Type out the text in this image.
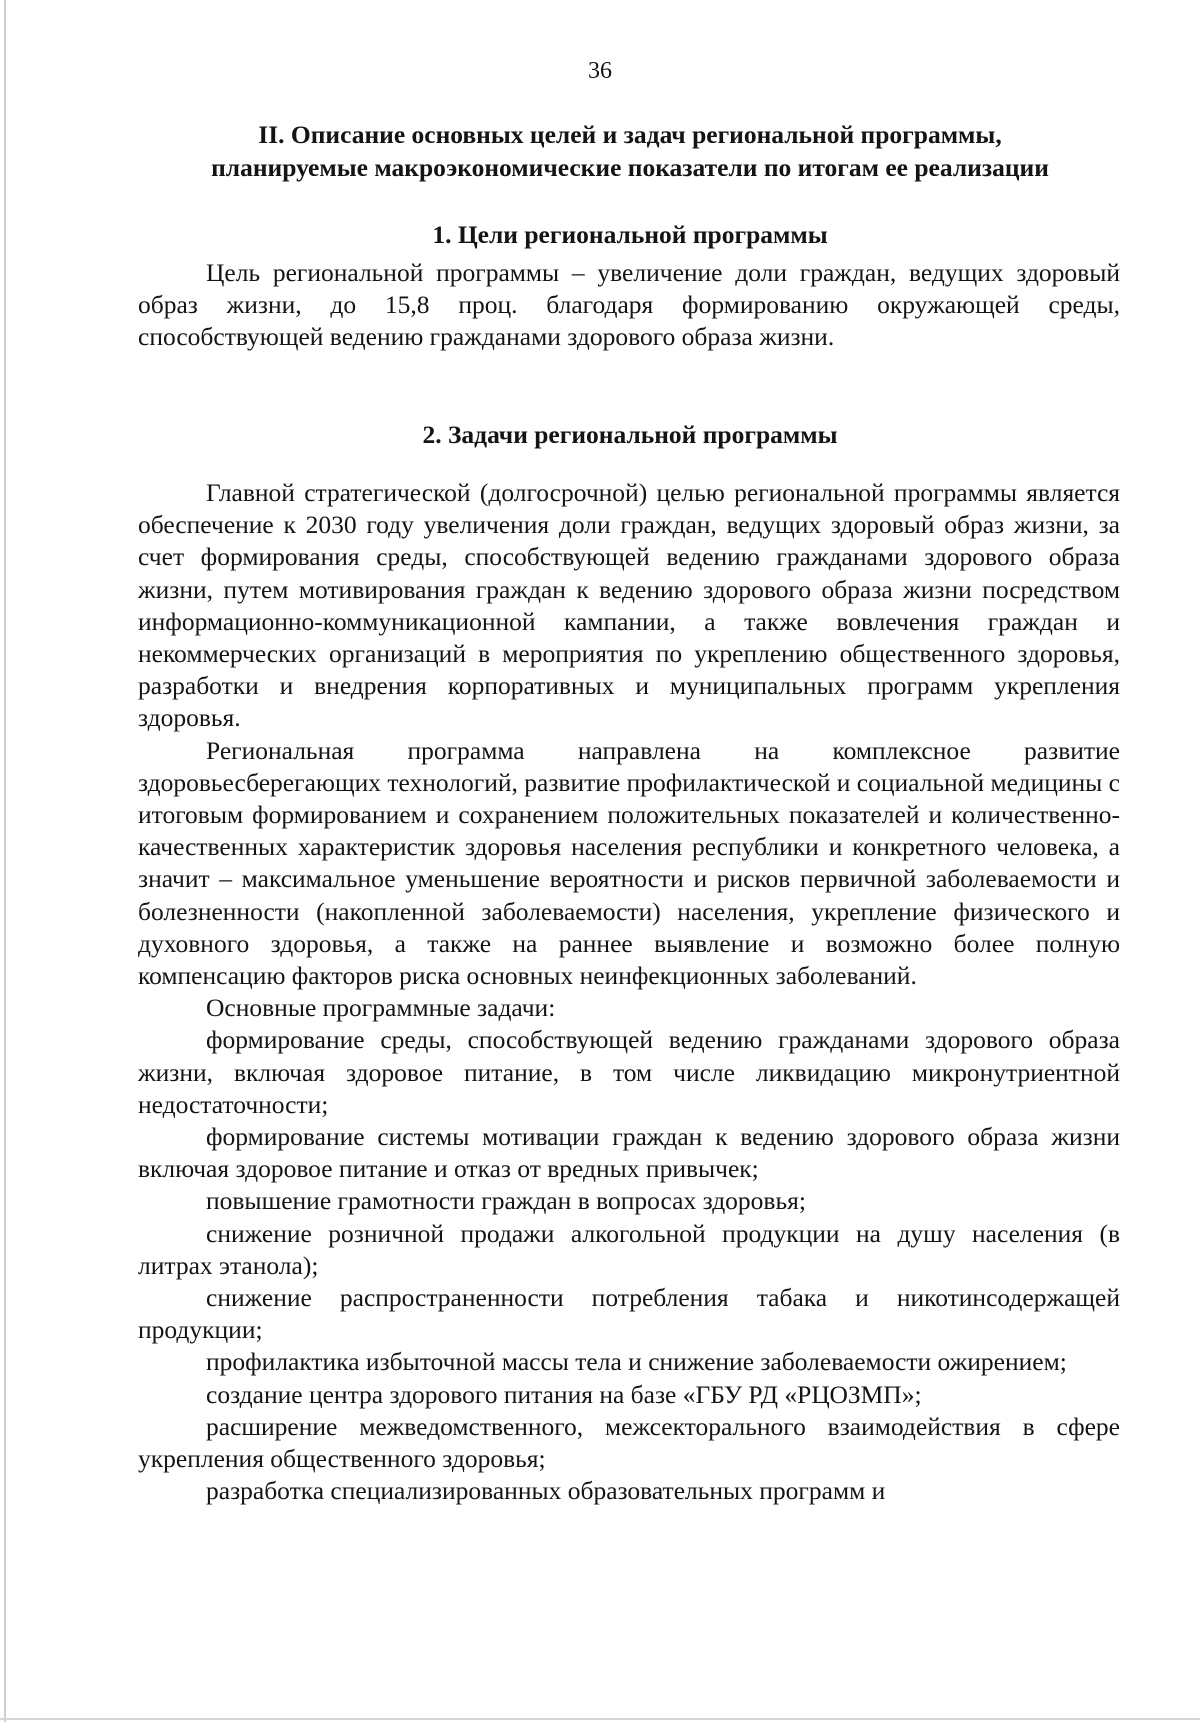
36
II. Описание основных целей и задач региональной программы,
планируемые макроэкономические показатели по итогам ее реализации
1. Цели региональной программы

Цель региональной программы – увеличение доли граждан, ведущих здоровый образ жизни, до 15,8 проц. благодаря формированию окружающей среды, способствующей ведению гражданами здорового образа жизни.

2. Задачи региональной программы

Главной стратегической (долгосрочной) целью региональной программы является обеспечение к 2030 году увеличения доли граждан, ведущих здоровый образ жизни, за счет формирования среды, способствующей ведению гражданами здорового образа жизни, путем мотивирования граждан к ведению здорового образа жизни посредством информационно-коммуникационной кампании, а также вовлечения граждан и некоммерческих организаций в мероприятия по укреплению общественного здоровья, разработки и внедрения корпоративных и муниципальных программ укрепления здоровья.

Региональная программа направлена на комплексное развитие здоровьесберегающих технологий, развитие профилактической и социальной медицины с итоговым формированием и сохранением положительных показателей и количественно-качественных характеристик здоровья населения республики и конкретного человека, а значит – максимальное уменьшение вероятности и рисков первичной заболеваемости и болезненности (накопленной заболеваемости) населения, укрепление физического и духовного здоровья, а также на раннее выявление и возможно более полную компенсацию факторов риска основных неинфекционных заболеваний.

Основные программные задачи:

формирование среды, способствующей ведению гражданами здорового образа жизни, включая здоровое питание, в том числе ликвидацию микронутриентной недостаточности;

формирование системы мотивации граждан к ведению здорового образа жизни включая здоровое питание и отказ от вредных привычек;

повышение грамотности граждан в вопросах здоровья;

снижение розничной продажи алкогольной продукции на душу населения (в литрах этанола);

снижение распространенности потребления табака и никотинсодержащей продукции;

профилактика избыточной массы тела и снижение заболеваемости ожирением;

создание центра здорового питания на базе «ГБУ РД «РЦОЗМП»;

расширение межведомственного, межсекторального взаимодействия в сфере укрепления общественного здоровья;

разработка специализированных образовательных программ и
